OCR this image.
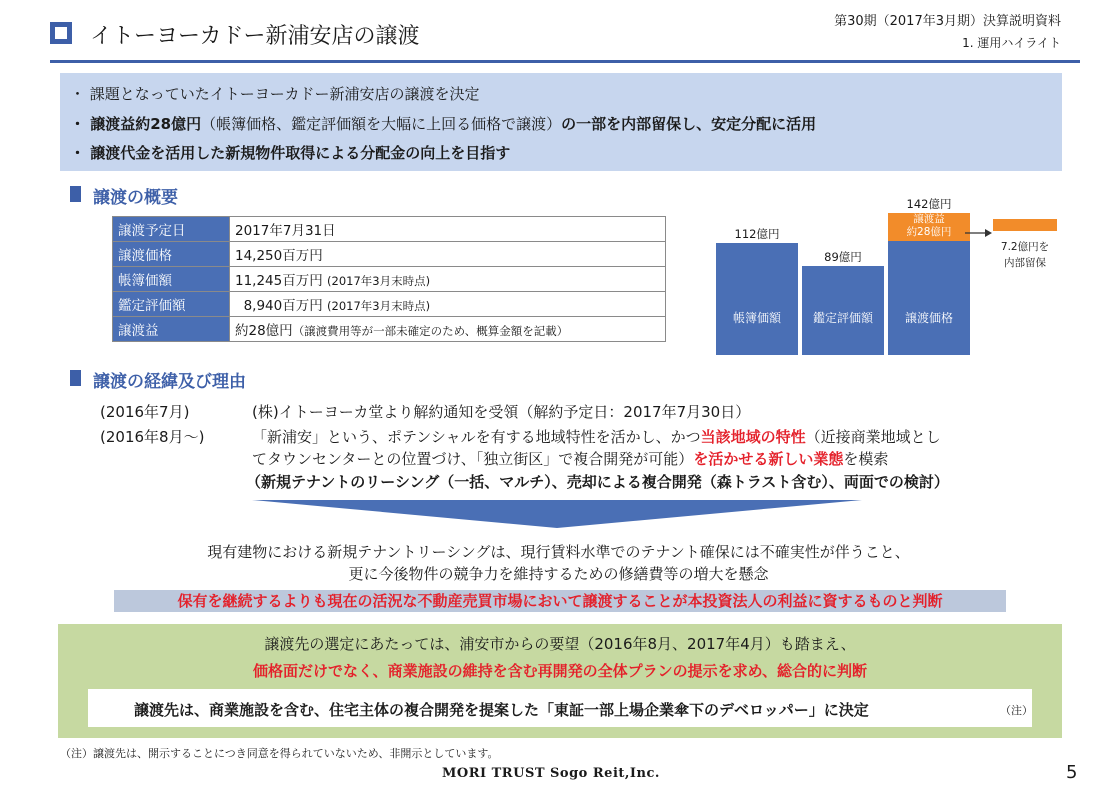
イトーヨーカドー新浦安店の譲渡
第30期（2017年3月期）決算説明資料
1. 運用ハイライト
・ 課題となっていたイトーヨーカドー新浦安店の譲渡を決定
・ 譲渡益約28億円（帳簿価格、鑑定評価額を大幅に上回る価格で譲渡）の一部を内部留保し、安定分配に活用
・ 譲渡代金を活用した新規物件取得による分配金の向上を目指す
譲渡の概要
譲渡予定日	2017年7月31日
譲渡価格	14,250百万円
帳簿価額	11,245百万円 (2017年3月末時点)
鑑定評価額	8,940百万円 (2017年3月末時点)
譲渡益	約28億円（譲渡費用等が一部未確定のため、概算金額を記載）
帳簿価額	鑑定評価額	譲渡価格
112億円
89億円
142億円
譲渡益
約28億円
7.2億円を
内部留保
譲渡の経緯及び理由
(2016年7月)	(株)イトーヨーカ堂より解約通知を受領（解約予定日：2017年7月30日）
(2016年8月～)	「新浦安」という、ポテンシャルを有する地域特性を活かし、かつ当該地域の特性（近接商業地域とし
てタウンセンターとの位置づけ、「独立街区」で複合開発が可能）を活かせる新しい業態を模索
（新規テナントのリーシング（一括、マルチ）、売却による複合開発（森トラスト含む）、両面での検討）
現有建物における新規テナントリーシングは、現行賃料水準でのテナント確保には不確実性が伴うこと、
更に今後物件の競争力を維持するための修繕費等の増大を懸念
保有を継続するよりも現在の活況な不動産売買市場において譲渡することが本投資法人の利益に資するものと判断
譲渡先の選定にあたっては、浦安市からの要望（2016年8月、2017年4月）も踏まえ、
価格面だけでなく、商業施設の維持を含む再開発の全体プランの提示を求め、総合的に判断
譲渡先は、商業施設を含む、住宅主体の複合開発を提案した「東証一部上場企業傘下のデベロッパー」に決定	（注）
（注）譲渡先は、開示することにつき同意を得られていないため、非開示としています。
MORI TRUST Sogo Reit,Inc.	5
